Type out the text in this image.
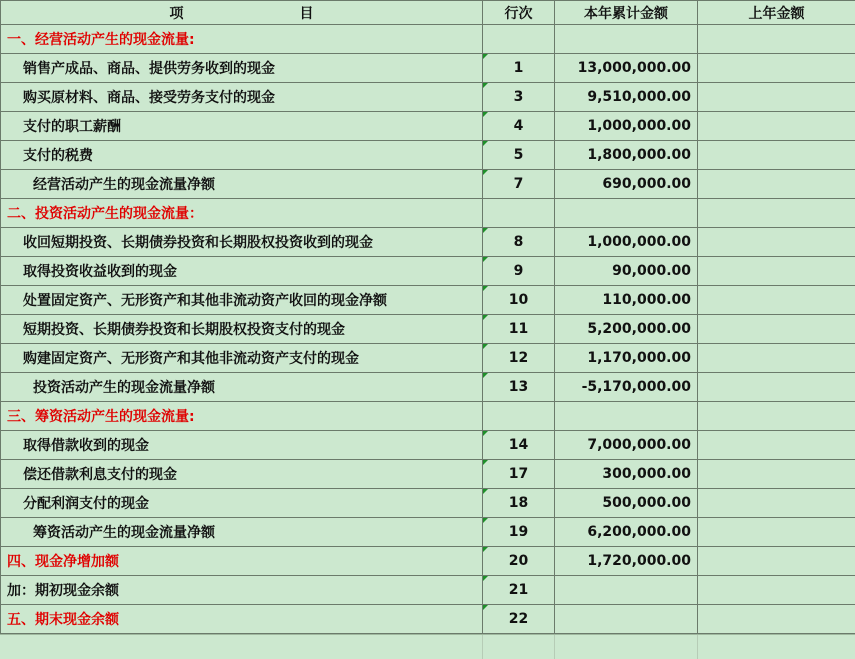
项 目	行次	本年累计金额	上年金额
一、经营活动产生的现金流量:			
销售产成品、商品、提供劳务收到的现金	1	13,000,000.00	
购买原材料、商品、接受劳务支付的现金	3	9,510,000.00	
支付的职工薪酬	4	1,000,000.00	
支付的税费	5	1,800,000.00	
经营活动产生的现金流量净额	7	690,000.00	
二、投资活动产生的现金流量：			
收回短期投资、长期债券投资和长期股权投资收到的现金	8	1,000,000.00	
取得投资收益收到的现金	9	90,000.00	
处置固定资产、无形资产和其他非流动资产收回的现金净额	10	110,000.00	
短期投资、长期债券投资和长期股权投资支付的现金	11	5,200,000.00	
购建固定资产、无形资产和其他非流动资产支付的现金	12	1,170,000.00	
投资活动产生的现金流量净额	13	-5,170,000.00	
三、筹资活动产生的现金流量:			
取得借款收到的现金	14	7,000,000.00	
偿还借款利息支付的现金	17	300,000.00	
分配利润支付的现金	18	500,000.00	
筹资活动产生的现金流量净额	19	6,200,000.00	
四、现金净增加额	20	1,720,000.00	
加：期初现金余额	21		
五、期末现金余额	22		
